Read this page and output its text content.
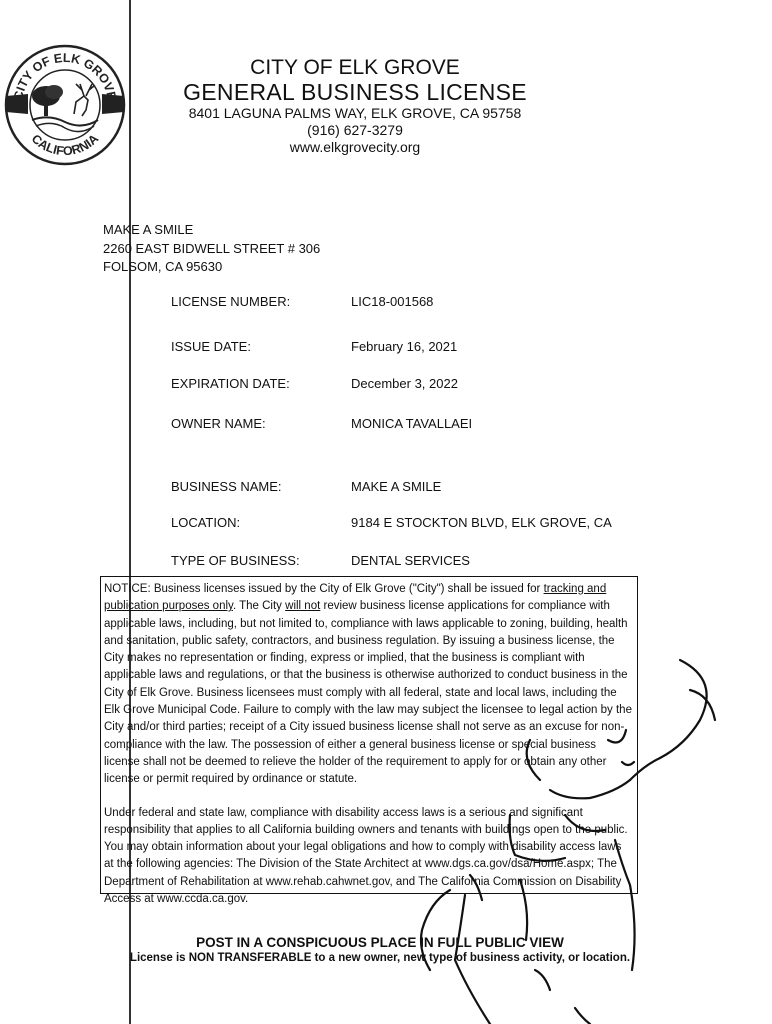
ITY OF ELK GROV
CALIFORNIA
CITY OF ELK GROVE
GENERAL BUSINESS LICENSE
8401 LAGUNA PALMS WAY, ELK GROVE, CA 95758
(916) 627-3279
www.elkgrovecity.org
MAKE A SMILE
2260 EAST BIDWELL STREET # 306
FOLSOM, CA 95630
LICENSE NUMBER:	LIC18-001568
ISSUE DATE:	February 16, 2021
EXPIRATION DATE:	December 3, 2022
OWNER NAME:	MONICA TAVALLAEI
BUSINESS NAME:	MAKE A SMILE
LOCATION:	9184 E STOCKTON BLVD, ELK GROVE, CA
TYPE OF BUSINESS:	DENTAL SERVICES

NOTICE: Business licenses issued by the City of Elk Grove ("City") shall be issued for tracking and publication purposes only. The City will not review business license applications for compliance with applicable laws, including, but not limited to, compliance with laws applicable to zoning, building, health and sanitation, public safety, contractors, and business regulation. By issuing a business license, the City makes no representation or finding, express or implied, that the business is compliant with applicable laws and regulations, or that the business is otherwise authorized to conduct business in the City of Elk Grove. Business licensees must comply with all federal, state and local laws, including the Elk Grove Municipal Code. Failure to comply with the law may subject the licensee to legal action by the City and/or third parties; receipt of a City issued business license shall not serve as an excuse for non-compliance with the law. The possession of either a general business license or special business license shall not be deemed to relieve the holder of the requirement to apply for or obtain any other license or permit required by ordinance or statute.

Under federal and state law, compliance with disability access laws is a serious and significant responsibility that applies to all California building owners and tenants with buildings open to the public. You may obtain information about your legal obligations and how to comply with disability access laws at the following agencies: The Division of the State Architect at www.dgs.ca.gov/dsa/Home.aspx; The Department of Rehabilitation at www.rehab.cahwnet.gov, and The California Commission on Disability Access at www.ccda.ca.gov.

POST IN A CONSPICUOUS PLACE IN FULL PUBLIC VIEW
License is NON TRANSFERABLE to a new owner, new type of business activity, or location.
